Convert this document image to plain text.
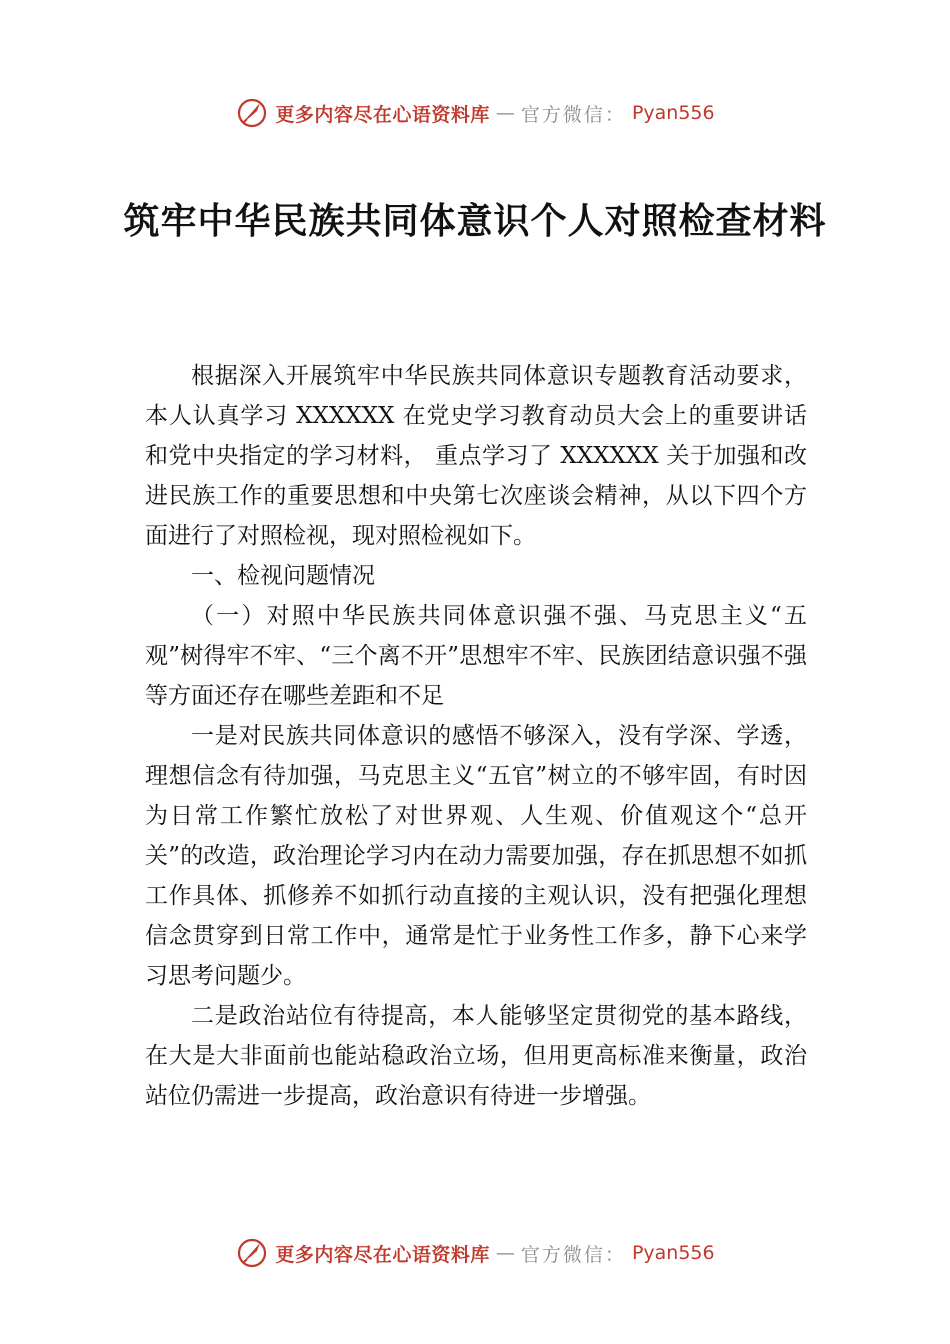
更多内容尽在心语资料库 — 官方微信： Pyan556
筑牢中华民族共同体意识个人对照检查材料

根据深入开展筑牢中华民族共同体意识专题教育活动要求，本人认真学习 XXXXXX 在党史学习教育动员大会上的重要讲话和党中央指定的学习材料， 重点学习了 XXXXXX 关于加强和改进民族工作的重要思想和中央第七次座谈会精神，从以下四个方面进行了对照检视，现对照检视如下。

一、检视问题情况

（一）对照中华民族共同体意识强不强、马克思主义“五观”树得牢不牢、“三个离不开”思想牢不牢、民族团结意识强不强等方面还存在哪些差距和不足

一是对民族共同体意识的感悟不够深入，没有学深、学透，理想信念有待加强，马克思主义“五官”树立的不够牢固，有时因为日常工作繁忙放松了对世界观、人生观、价值观这个“总开关”的改造，政治理论学习内在动力需要加强，存在抓思想不如抓工作具体、抓修养不如抓行动直接的主观认识，没有把强化理想信念贯穿到日常工作中，通常是忙于业务性工作多，静下心来学习思考问题少。

二是政治站位有待提高，本人能够坚定贯彻党的基本路线，在大是大非面前也能站稳政治立场，但用更高标准来衡量，政治站位仍需进一步提高，政治意识有待进一步增强。

更多内容尽在心语资料库 — 官方微信： Pyan556
